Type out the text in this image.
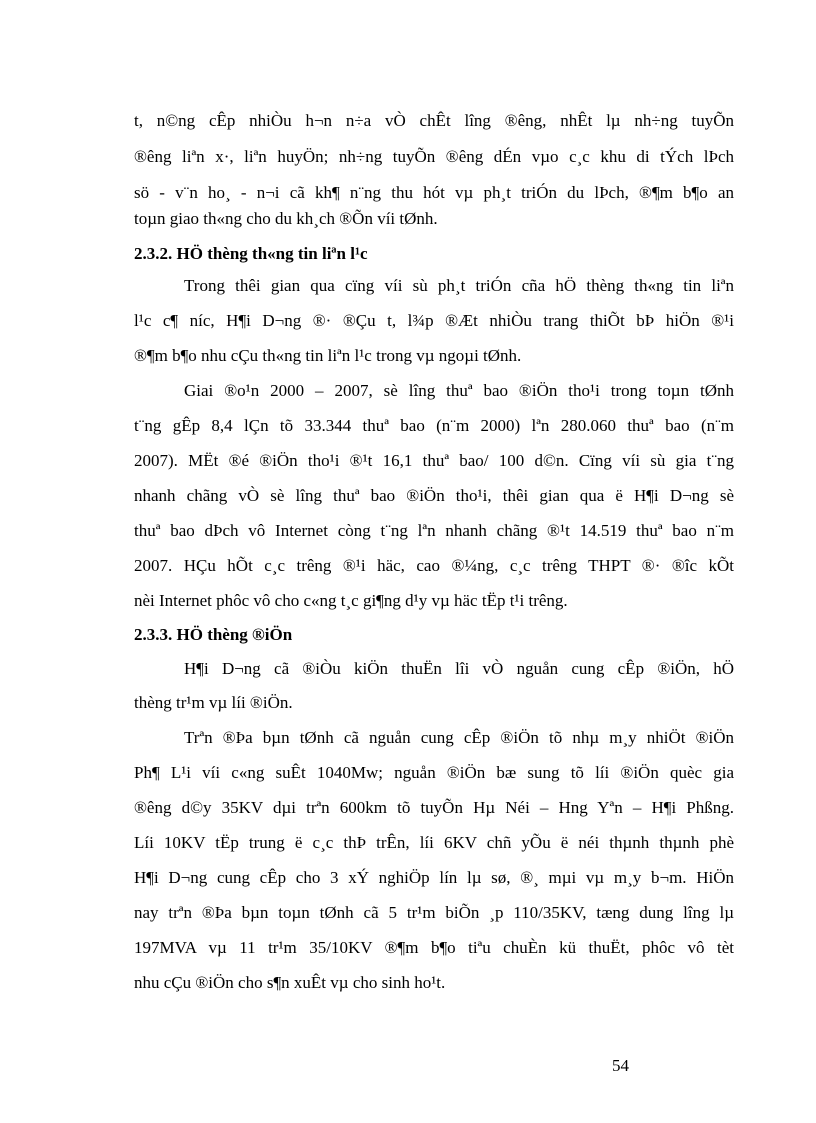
t, n©ng cÊp nhiÒu h¬n n÷a vÒ chÊt lîng ®êng, nhÊt lµ nh÷ng tuyÕn
®êng liªn x·, liªn huyÖn; nh÷ng tuyÕn ®êng dÉn vµo c¸c khu di tÝch lÞch
sö - v¨n ho¸ - n¬i cã kh¶ n¨ng thu hót vµ ph¸t triÓn du lÞch, ®¶m b¶o an
toµn giao th«ng cho du kh¸ch ®Õn víi tØnh.
2.3.2. HÖ thèng th«ng tin liªn l¹c
Trong thêi gian qua cïng víi sù ph¸t triÓn cña hÖ thèng th«ng tin liªn
l¹c c¶ níc, H¶i D¬ng ®· ®Çu t, l¾p ®Æt nhiÒu trang thiÕt bÞ hiÖn ®¹i
®¶m b¶o nhu cÇu th«ng tin liªn l¹c trong vµ ngoµi tØnh.
Giai ®o¹n 2000 – 2007, sè lîng thuª bao ®iÖn tho¹i trong toµn tØnh
t¨ng gÊp 8,4 lÇn tõ 33.344 thuª bao (n¨m 2000) lªn 280.060 thuª bao (n¨m
2007). MËt ®é ®iÖn tho¹i ®¹t 16,1 thuª bao/ 100 d©n. Cïng víi sù gia t¨ng
nhanh chãng vÒ sè lîng thuª bao ®iÖn tho¹i, thêi gian qua ë H¶i D¬ng sè
thuª bao dÞch vô Internet còng t¨ng lªn nhanh chãng ®¹t 14.519 thuª bao n¨m
2007. HÇu hÕt c¸c trêng ®¹i häc, cao ®¼ng, c¸c trêng THPT ®· ®îc kÕt
nèi Internet phôc vô cho c«ng t¸c gi¶ng d¹y vµ häc tËp t¹i trêng.
2.3.3. HÖ thèng ®iÖn
H¶i D¬ng cã ®iÒu kiÖn thuËn lîi vÒ nguån cung cÊp ®iÖn, hÖ
thèng tr¹m vµ líi ®iÖn.
Trªn ®Þa bµn tØnh cã nguån cung cÊp ®iÖn tõ nhµ m¸y nhiÖt ®iÖn
Ph¶ L¹i víi c«ng suÊt 1040Mw; nguån ®iÖn bæ sung tõ líi ®iÖn quèc gia
®êng d©y 35KV dµi trªn 600km tõ tuyÕn Hµ Néi – Hng Yªn – H¶i Phßng.
Líi 10KV tËp trung ë c¸c thÞ trÊn, líi 6KV chñ yÕu ë néi thµnh thµnh phè
H¶i D¬ng cung cÊp cho 3 xÝ nghiÖp lín lµ sø, ®¸ mµi vµ m¸y b¬m. HiÖn
nay trªn ®Þa bµn toµn tØnh cã 5 tr¹m biÕn ¸p 110/35KV, tæng dung lîng lµ
197MVA vµ 11 tr¹m 35/10KV ®¶m b¶o tiªu chuÈn kü thuËt, phôc vô tèt
nhu cÇu ®iÖn cho s¶n xuÊt vµ cho sinh ho¹t.
54
